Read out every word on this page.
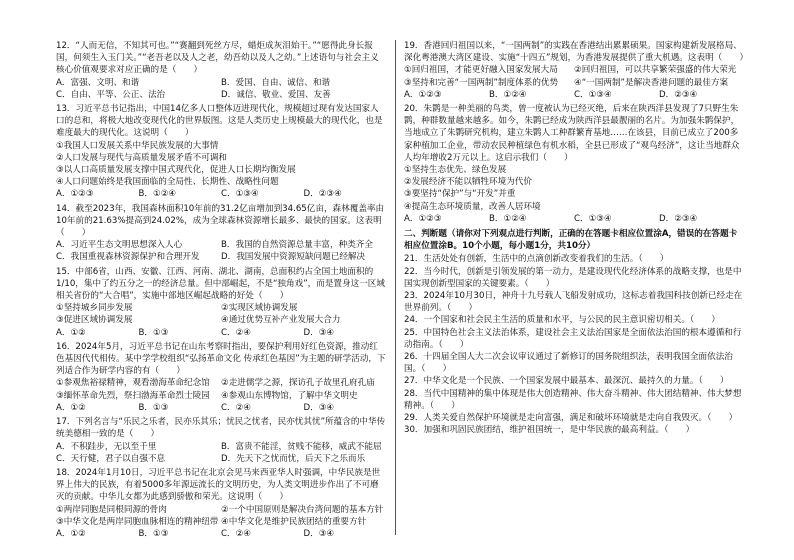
12．“人而无信，不知其可也。”“赛翻到死丝方尽，蜡炬成灰泪始干。”“愿得此身长报国，何须生入玉门关。”“老吾老以及人之老，幼吾幼以及人之幼。”上述语句与社会主义核心价值观要求对应正确的是（　　）

A．富强、文明、和谐	B．爱国、自由、诚信、和谐
C．自由、平等、公正、法治	D．诚信、敬业、爱国、友善

13．习近平总书记指出，中国14亿多人口整体迈进现代化，规模超过现有发达国家人口的总和，将极大地改变现代化的世界版图。这是人类历史上规模最大的现代化，也是难度最大的现代化。这说明（　　）

①我国人口发展关系中华民族发展的大事情
②人口发展与现代与高质量发展矛盾不可调和
③以人口高质量发展支撑中国式现代化，促进人口长期均衡发展
④人口问题始终是我国面临的全局性、长期性、战略性问题
A．①②③	B．①②④	C．①③④	D．②③④

14．截至2023年，我国森林面积10年前的31.2亿亩增加到34.65亿亩，森林覆盖率由10年前的21.63%提高到24.02%，成为全球森林资源增长最多、最快的国家。这表明（　　）

A．习近平生态文明思想深入人心	B．我国的自然资源总量丰富，种类齐全
C．我国重视森林资源保护和合理开发	D．我国发展中资源短缺问题已经解决

15．中部6省，山西、安徽、江西、河南、湖北、湖南，总面积约占全国土地面积的1/10，集中了约五分之一的经济总量。但中部崛起，不是“独角戏”，而是置身这一区域相关省份的“大合唱”，实施中部地区崛起战略的好处（　　）

①坚持城乡同步发展	②实现区域协调发展
③促进区域协调发展	④通过优势互补产业发展大合力
A．①②	B．①③	C．②④	D．③④

16．2024年5月，习近平总书记在山东考察时指出，要保护利用好红色资源，推动红色基因代代相传。某中学学校组织“弘扬革命文化 传承红色基因”为主题的研学活动，下列适合作为研学内容的有（　　）

①参观焦裕禄精神，观看渤海革命纪念馆	②走进儒学之源，探访孔子故里孔府孔庙
③缅怀革命先烈，祭扫渤海革命烈士陵园	④参观山东博物馆，了解中华文明史
A．①②	B．①③	C．②④	D．③④

17．下列名言与“乐民之乐者，民亦乐其乐；忧民之忧者，民亦忧其忧”所蕴含的中华传统美德相一致的是（　　）

A．不积跬步，无以至千里	B．富贵不能淫，贫贱不能移，威武不能屈
C．天行健，君子以自强不息	D．先天下之忧而忧，后天下之乐而乐

18．2024年1月10日，习近平总书记在北京会见马来西亚华人时强调，中华民族是世界上伟大的民族，有着5000多年源远流长的文明历史，为人类文明进步作出了不可磨灭的贡献。中华儿女都为此感到骄傲和荣光。这说明（　　）

①两岸同胞是同根同源的骨肉	②一个中国原则是解决台湾问题的基本方针
③中华文化是两岸同胞血脉相连的精神纽带 ④中华文化是维护民族团结的重要方针
A．①②	B．①③	C．②④	D．③④

19．香港回归祖国以来，“一国两制”的实践在香港结出累累硕果。国家构建新发展格局、深化粤港澳大湾区建设、实施“十四五”规划，为香港发展提供了重大机遇。这表明（　　）

①回归祖国，才能更好融入国家发展大局	②回归祖国，可以共享繁荣强盛的伟大荣光
③坚持和完善“一国两制”制度体系的优势	④“一国两制”是解决香港问题的最佳方案
A．①②③	B．①②④	C．①③④	D．②③④

20．朱鹮是一种美丽的鸟类，曾一度被认为已经灭绝，后来在陕西洋县发现了7只野生朱鹮，种群数量越来越多。如今，朱鹮已经成为陕西洋县最靓丽的名片。为加强朱鹮保护，当地成立了朱鹮研究机构，建立朱鹮人工种群繁育基地……在该县，目前已成立了200多家种植加工企业，带动农民种植绿色有机水稻，全县已形成了“观鸟经济”，这让当地群众人均年增收2万元以上。这启示我们（　　）

①坚持生态优先、绿色发展
②发展经济不能以牺牲环境为代价
③要坚持“保护”与“开发”并重
④提高生态环境质量，改善人居环境
A．①②③	B．①②④	C．①③④	D．②③④

二、判断题（请你对下列观点进行判断，正确的在答题卡相应位置涂A，错误的在答题卡相应位置涂B。10个小题，每小题1分，共10分）

21．生活处处有创新，生活中的点滴创新改变着我们的生活。（　　）

22．当今时代，创新是引领发展的第一动力，是建设现代化经济体系的战略支撑，也是中国实现创新型国家的关键要素。（　　）

23．2024年10月30日，神舟十九号载人飞船发射成功，这标志着我国科技创新已经走在世界前列。（　　）

24．一个国家和社会民主生活的质量和水平，与公民的民主意识密切相关。（　　）

25．中国特色社会主义法治体系，建设社会主义法治国家是全面依法治国的根本遵循和行动指南。（　　）

26．十四届全国人大二次会议审议通过了新修订的国务院组织法，表明我国全面依法治国。（　　）

27．中华文化是一个民族、一个国家发展中最基本、最深沉、最持久的力量。（　　）

28．当代中国精神的集中体现是伟大创造精神、伟大奋斗精神、伟大团结精神、伟大梦想精神。（　　）

29．人类关爱自然保护环境就是走向富强，满足和破坏环境就是走向自我毁灭。（　　）

30．加强和巩固民族团结，维护祖国统一，是中华民族的最高利益。（　　）
